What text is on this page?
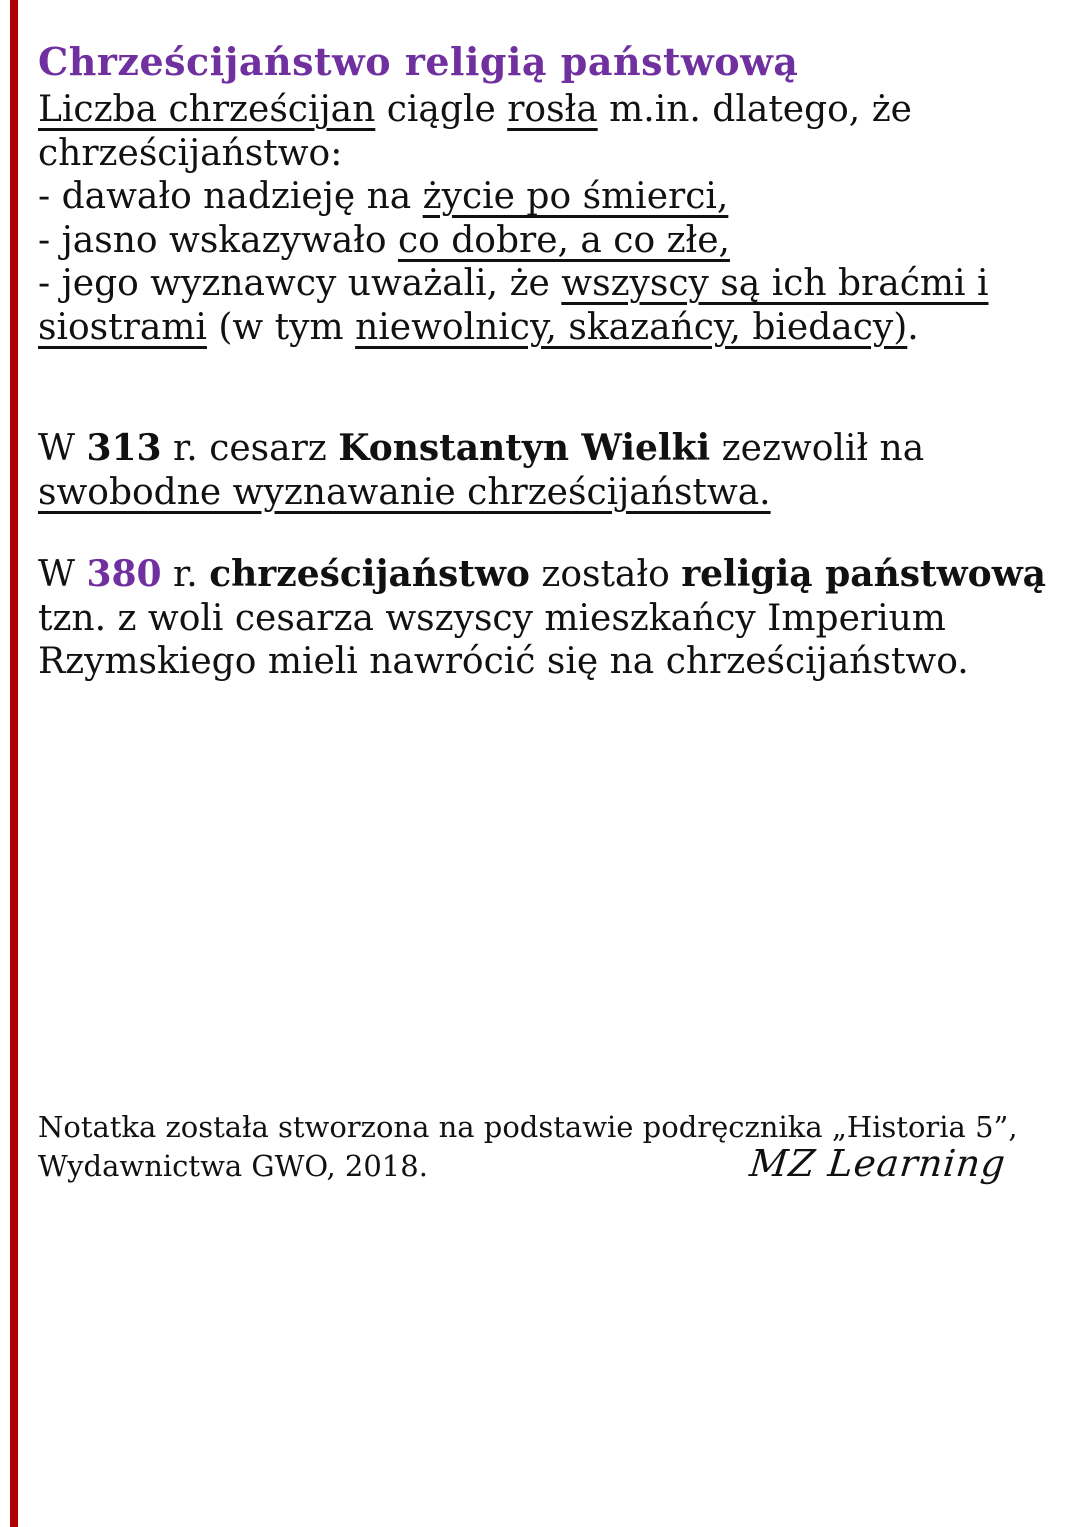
Chrześcijaństwo religią państwową
Liczba chrześcijan ciągle rosła m.in. dlatego, że
chrześcijaństwo:
- dawało nadzieję na życie po śmierci,
- jasno wskazywało co dobre, a co złe,
- jego wyznawcy uważali, że wszyscy są ich braćmi i
siostrami (w tym niewolnicy, skazańcy, biedacy).
W 313 r. cesarz Konstantyn Wielki zezwolił na
swobodne wyznawanie chrześcijaństwa.
W 380 r. chrześcijaństwo zostało religią państwową
tzn. z woli cesarza wszyscy mieszkańcy Imperium
Rzymskiego mieli nawrócić się na chrześcijaństwo.
Notatka została stworzona na podstawie podręcznika „Historia 5”,
Wydawnictwa GWO, 2018.	MZ Learning
